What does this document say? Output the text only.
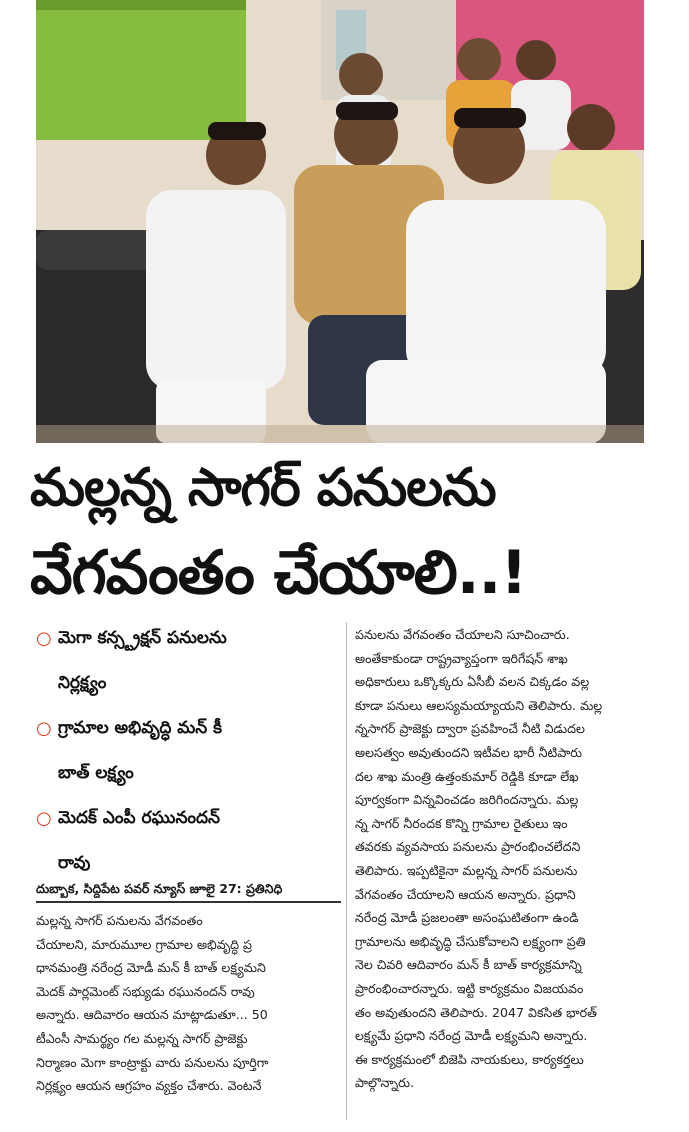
మల్లన్న సాగర్ పనులను
వేగవంతం చేయాలి..!
○ మెగా కన్స్ట్రక్షన్ పనులను
నిర్లక్ష్యం
○ గ్రామాల అభివృద్ధి మన్ కీ
బాత్ లక్ష్యం
○ మెదక్ ఎంపీ రఘునందన్
రావు
దుబ్బాక, సిద్దిపేట పవర్ న్యూస్ జూలై 27: ప్రతినిధి
మల్లన్న సాగర్ పనులను వేగవంతం
చేయాలని, మారుమూల గ్రామాల అభివృద్ధి ప్ర
ధానమంత్రి నరేంద్ర మోడీ మన్ కీ బాత్ లక్ష్యమని
మెదక్ పార్లమెంట్ సభ్యుడు రఘునందన్ రావు
అన్నారు. ఆదివారం ఆయన మాట్లాడుతూ... 50
టీఎంసీ సామర్థ్యం గల మల్లన్న సాగర్ ప్రాజెక్టు
నిర్మాణం మెగా కాంట్రాక్టు వారు పనులను పూర్తిగా
నిర్లక్ష్యం ఆయన ఆగ్రహం వ్యక్తం చేశారు. వెంటనే
పనులను వేగవంతం చేయాలని సూచించారు.
అంతేకాకుండా రాష్ట్రవ్యాప్తంగా ఇరిగేషన్ శాఖ
అధికారులు ఒక్కొక్కరు ఏసీబీ వలన చిక్కడం వల్ల
కూడా పనులు ఆలస్యమయ్యాయని తెలిపారు. మల్ల
న్నసాగర్ ప్రాజెక్టు ద్వారా ప్రవహించే నీటి విడుదల
అలసత్వం అవుతుందని ఇటీవల భారీ నీటిపారు
దల శాఖ మంత్రి ఉత్తంకుమార్ రెడ్డికి కూడా లేఖ
పూర్వకంగా విన్నవించడం జరిగిందన్నారు. మల్ల
న్న సాగర్ నీరందక కొన్ని గ్రామాల రైతులు ఇం
తవరకు వ్యవసాయ పనులను ప్రారంభించలేదని
తెలిపారు. ఇప్పటికైనా మల్లన్న సాగర్ పనులను
వేగవంతం చేయాలని ఆయన అన్నారు. ప్రధాని
నరేంద్ర మోడీ ప్రజలంతా అసంఘటితంగా ఉండి
గ్రామాలను అభివృద్ధి చేసుకోవాలని లక్ష్యంగా ప్రతి
నెల చివరి ఆదివారం మన్ కీ బాత్ కార్యక్రమాన్ని
ప్రారంభించారన్నారు. ఇట్టి కార్యక్రమం విజయవం
తం అవుతుందని తెలిపారు. 2047 వికసిత భారత్
లక్ష్యమే ప్రధాని నరేంద్ర మోడీ లక్ష్యమని అన్నారు.
ఈ కార్యక్రమంలో బిజెపి నాయకులు, కార్యకర్తలు
పాల్గొన్నారు.
